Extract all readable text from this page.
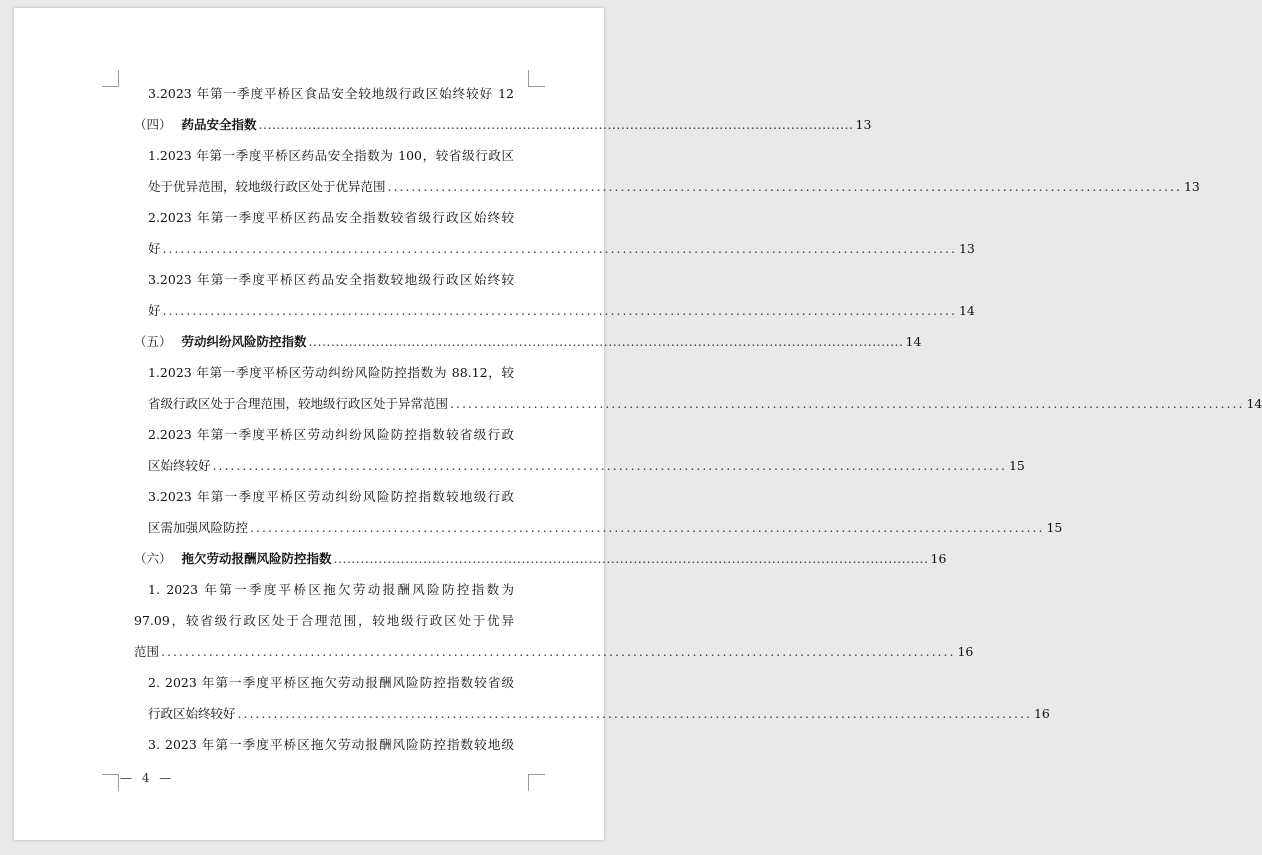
3.2023 年第一季度平桥区食品安全较地级行政区始终较好 12
（四） 药品安全指数 ..................................................................................................................................... 13
1.2023 年第一季度平桥区药品安全指数为 100，较省级行政区
处于优异范围，较地级行政区处于优异范围 ..................................................................................................................................... 13
2.2023 年第一季度平桥区药品安全指数较省级行政区始终较
好 ..................................................................................................................................... 13
3.2023 年第一季度平桥区药品安全指数较地级行政区始终较
好 ..................................................................................................................................... 14
（五） 劳动纠纷风险防控指数 ..................................................................................................................................... 14
1.2023 年第一季度平桥区劳动纠纷风险防控指数为 88.12，较
省级行政区处于合理范围，较地级行政区处于异常范围 ..................................................................................................................................... 14
2.2023 年第一季度平桥区劳动纠纷风险防控指数较省级行政
区始终较好 ..................................................................................................................................... 15
3.2023 年第一季度平桥区劳动纠纷风险防控指数较地级行政
区需加强风险防控 ..................................................................................................................................... 15
（六） 拖欠劳动报酬风险防控指数 ..................................................................................................................................... 16
1. 2023 年第一季度平桥区拖欠劳动报酬风险防控指数为
97.09，较省级行政区处于合理范围，较地级行政区处于优异
范围 ..................................................................................................................................... 16
2. 2023 年第一季度平桥区拖欠劳动报酬风险防控指数较省级
行政区始终较好 ..................................................................................................................................... 16
3. 2023 年第一季度平桥区拖欠劳动报酬风险防控指数较地级
— 4 —
